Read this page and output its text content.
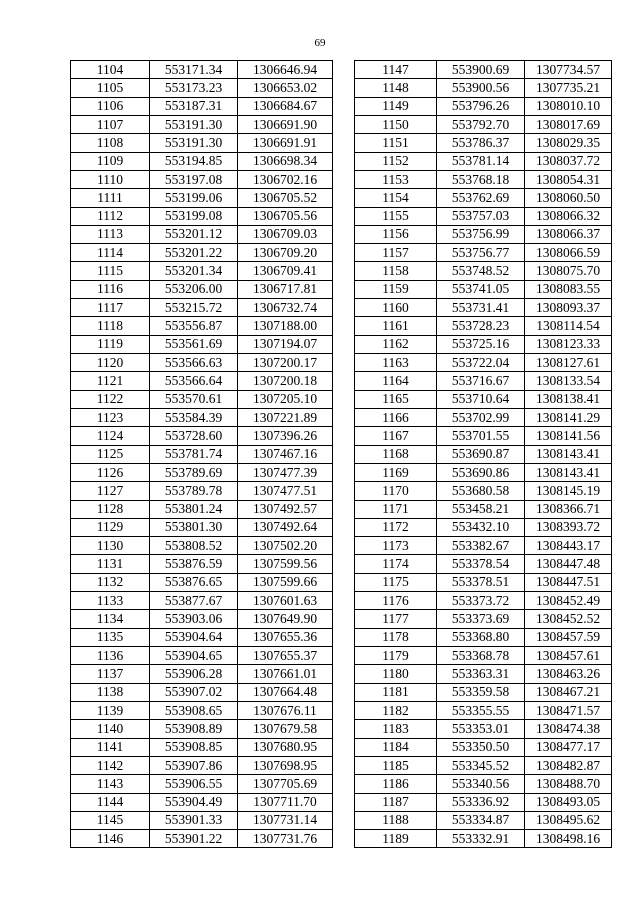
69
1104	553171.34	1306646.94
1105	553173.23	1306653.02
1106	553187.31	1306684.67
1107	553191.30	1306691.90
1108	553191.30	1306691.91
1109	553194.85	1306698.34
1110	553197.08	1306702.16
1111	553199.06	1306705.52
1112	553199.08	1306705.56
1113	553201.12	1306709.03
1114	553201.22	1306709.20
1115	553201.34	1306709.41
1116	553206.00	1306717.81
1117	553215.72	1306732.74
1118	553556.87	1307188.00
1119	553561.69	1307194.07
1120	553566.63	1307200.17
1121	553566.64	1307200.18
1122	553570.61	1307205.10
1123	553584.39	1307221.89
1124	553728.60	1307396.26
1125	553781.74	1307467.16
1126	553789.69	1307477.39
1127	553789.78	1307477.51
1128	553801.24	1307492.57
1129	553801.30	1307492.64
1130	553808.52	1307502.20
1131	553876.59	1307599.56
1132	553876.65	1307599.66
1133	553877.67	1307601.63
1134	553903.06	1307649.90
1135	553904.64	1307655.36
1136	553904.65	1307655.37
1137	553906.28	1307661.01
1138	553907.02	1307664.48
1139	553908.65	1307676.11
1140	553908.89	1307679.58
1141	553908.85	1307680.95
1142	553907.86	1307698.95
1143	553906.55	1307705.69
1144	553904.49	1307711.70
1145	553901.33	1307731.14
1146	553901.22	1307731.76
1147	553900.69	1307734.57
1148	553900.56	1307735.21
1149	553796.26	1308010.10
1150	553792.70	1308017.69
1151	553786.37	1308029.35
1152	553781.14	1308037.72
1153	553768.18	1308054.31
1154	553762.69	1308060.50
1155	553757.03	1308066.32
1156	553756.99	1308066.37
1157	553756.77	1308066.59
1158	553748.52	1308075.70
1159	553741.05	1308083.55
1160	553731.41	1308093.37
1161	553728.23	1308114.54
1162	553725.16	1308123.33
1163	553722.04	1308127.61
1164	553716.67	1308133.54
1165	553710.64	1308138.41
1166	553702.99	1308141.29
1167	553701.55	1308141.56
1168	553690.87	1308143.41
1169	553690.86	1308143.41
1170	553680.58	1308145.19
1171	553458.21	1308366.71
1172	553432.10	1308393.72
1173	553382.67	1308443.17
1174	553378.54	1308447.48
1175	553378.51	1308447.51
1176	553373.72	1308452.49
1177	553373.69	1308452.52
1178	553368.80	1308457.59
1179	553368.78	1308457.61
1180	553363.31	1308463.26
1181	553359.58	1308467.21
1182	553355.55	1308471.57
1183	553353.01	1308474.38
1184	553350.50	1308477.17
1185	553345.52	1308482.87
1186	553340.56	1308488.70
1187	553336.92	1308493.05
1188	553334.87	1308495.62
1189	553332.91	1308498.16
